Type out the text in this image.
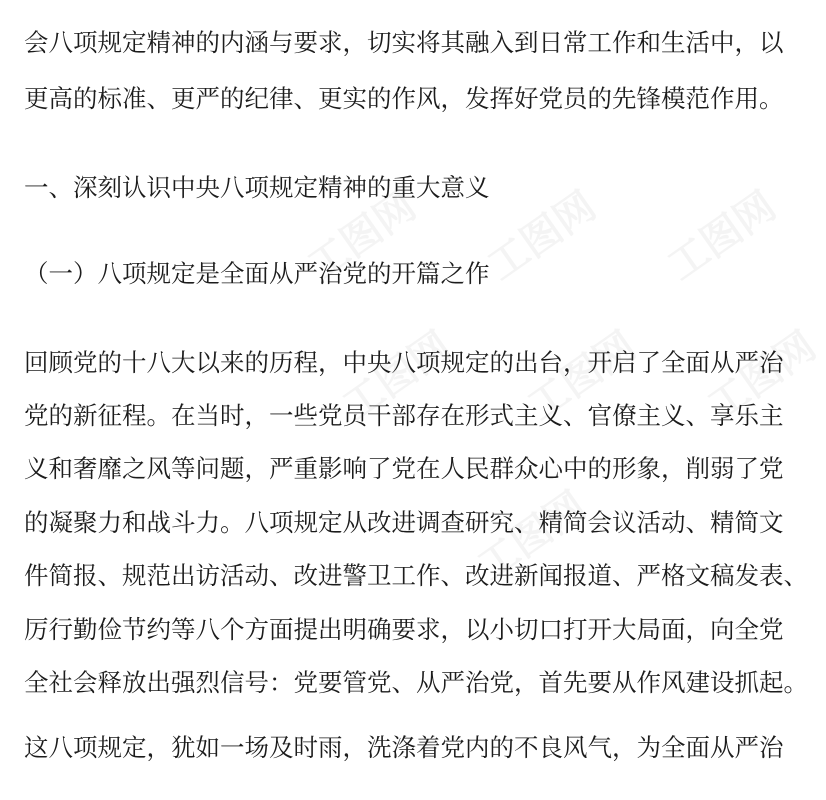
会 八 项 规 定 精 神 的 内 涵 与 要 求 ， 切 实 将 其 融 入 到 日 常 工 作 和 生 活 中 ， 以

更 高 的 标 准 、 更 严 的 纪 律 、 更 实 的 作 风 ， 发 挥 好 党 员 的 先 锋 模 范 作 用 。

一、深刻认识中央八项规定精神的重大意义

（一）八项规定是全面从严治党的开篇之作

回 顾 党 的 十 八 大 以 来 的 历 程 ， 中 央 八 项 规 定 的 出 台 ， 开 启 了 全 面 从 严 治

党 的 新 征 程 。 在 当 时 ， 一 些 党 员 干 部 存 在 形 式 主 义 、 官 僚 主 义 、 享 乐 主

义 和 奢 靡 之 风 等 问 题 ， 严 重 影 响 了 党 在 人 民 群 众 心 中 的 形 象 ， 削 弱 了 党

的 凝 聚 力 和 战 斗 力 。 八 项 规 定 从 改 进 调 查 研 究 、 精 简 会 议 活 动 、 精 简 文

件 简 报 、 规 范 出 访 活 动 、 改 进 警 卫 工 作 、 改 进 新 闻 报 道 、 严 格 文 稿 发 表 、

厉 行 勤 俭 节 约 等 八 个 方 面 提 出 明 确 要 求 ， 以 小 切 口 打 开 大 局 面 ， 向 全 党

全 社 会 释 放 出 强 烈 信 号 ： 党 要 管 党 、 从 严 治 党 ， 首 先 要 从 作 风 建 设 抓 起 。

这 八 项 规 定 ， 犹 如 一 场 及 时 雨 ， 洗 涤 着 党 内 的 不 良 风 气 ， 为 全 面 从 严 治
